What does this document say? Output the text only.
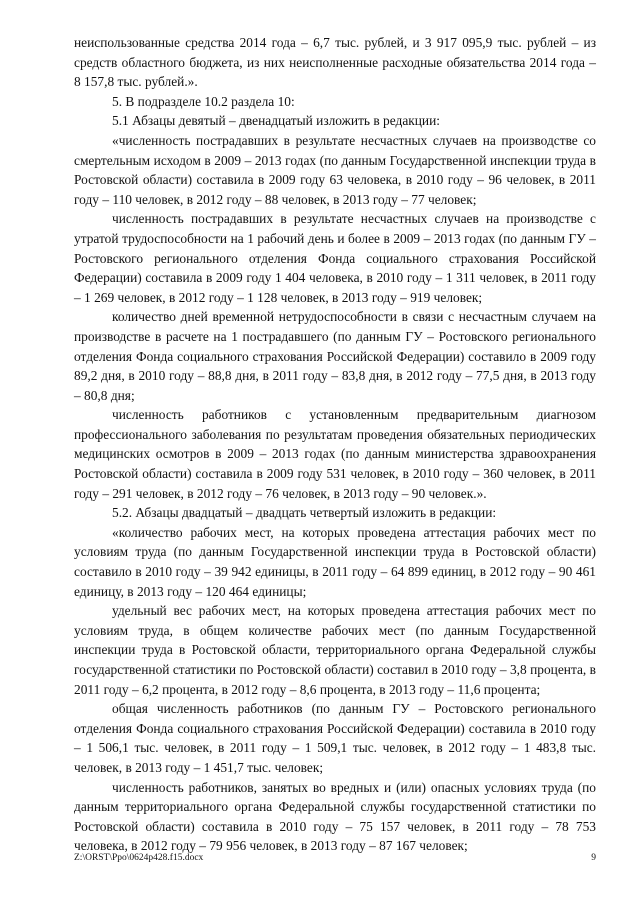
неиспользованные средства 2014 года – 6,7 тыс. рублей, и 3 917 095,9 тыс. рублей – из средств областного бюджета, из них неисполненные расходные обязательства 2014 года – 8 157,8 тыс. рублей.».

5. В подразделе 10.2 раздела 10:

5.1 Абзацы девятый – двенадцатый изложить в редакции:

«численность пострадавших в результате несчастных случаев на производстве со смертельным исходом в 2009 – 2013 годах (по данным Государственной инспекции труда в Ростовской области) составила в 2009 году 63 человека, в 2010 году – 96 человек, в 2011 году – 110 человек, в 2012 году – 88 человек, в 2013 году – 77 человек;

численность пострадавших в результате несчастных случаев на производстве с утратой трудоспособности на 1 рабочий день и более в 2009 – 2013 годах (по данным ГУ – Ростовского регионального отделения Фонда социального страхования Российской Федерации) составила в 2009 году 1 404 человека, в 2010 году – 1 311 человек, в 2011 году – 1 269 человек, в 2012 году – 1 128 человек, в 2013 году – 919 человек;

количество дней временной нетрудоспособности в связи с несчастным случаем на производстве в расчете на 1 пострадавшего (по данным ГУ – Ростовского регионального отделения Фонда социального страхования Российской Федерации) составило в 2009 году 89,2 дня, в 2010 году – 88,8 дня, в 2011 году – 83,8 дня, в 2012 году – 77,5 дня, в 2013 году – 80,8 дня;

численность работников с установленным предварительным диагнозом профессионального заболевания по результатам проведения обязательных периодических медицинских осмотров в 2009 – 2013 годах (по данным министерства здравоохранения Ростовской области) составила в 2009 году 531 человек, в 2010 году – 360 человек, в 2011 году – 291 человек, в 2012 году – 76 человек, в 2013 году – 90 человек.».

5.2. Абзацы двадцатый – двадцать четвертый изложить в редакции:

«количество рабочих мест, на которых проведена аттестация рабочих мест по условиям труда (по данным Государственной инспекции труда в Ростовской области) составило в 2010 году – 39 942 единицы, в 2011 году – 64 899 единиц, в 2012 году – 90 461 единицу, в 2013 году – 120 464 единицы;

удельный вес рабочих мест, на которых проведена аттестация рабочих мест по условиям труда, в общем количестве рабочих мест (по данным Государственной инспекции труда в Ростовской области, территориального органа Федеральной службы государственной статистики по Ростовской области) составил в 2010 году – 3,8 процента, в 2011 году – 6,2 процента, в 2012 году – 8,6 процента, в 2013 году – 11,6 процента;

общая численность работников (по данным ГУ – Ростовского регионального отделения Фонда социального страхования Российской Федерации) составила в 2010 году – 1 506,1 тыс. человек, в 2011 году – 1 509,1 тыс. человек, в 2012 году – 1 483,8 тыс. человек, в 2013 году – 1 451,7 тыс. человек;

численность работников, занятых во вредных и (или) опасных условиях труда (по данным территориального органа Федеральной службы государственной статистики по Ростовской области) составила в 2010 году – 75 157 человек, в 2011 году – 78 753 человека, в 2012 году – 79 956 человек, в 2013 году – 87 167 человек;

Z:\ORST\Ppo\0624p428.f15.docx	9
